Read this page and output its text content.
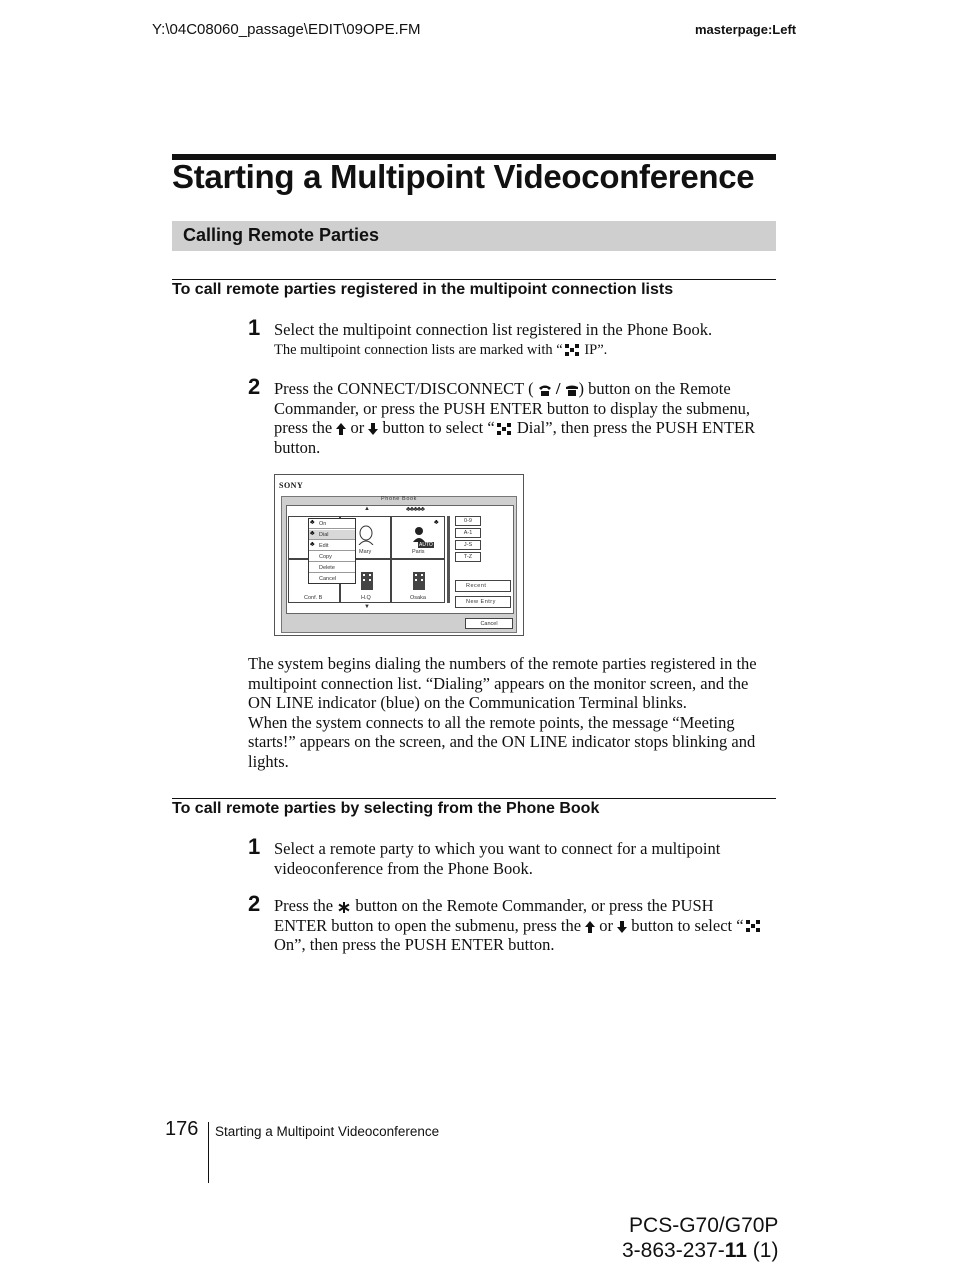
Y:\04C08060_passage\EDIT\09OPE.FM	masterpage:Left
Starting a Multipoint Videoconference
Calling Remote Parties
To call remote parties registered in the multipoint connection lists
1 Select the multipoint connection list registered in the Phone Book.
The multipoint connection lists are marked with “ IP”.
2 Press the CONNECT/DISCONNECT ( / ) button on the Remote
Commander, or press the PUSH ENTER button to display the submenu,
press the or button to select “ Dial”, then press the PUSH ENTER
button.
SONY
Phone Book
▲
▼
♣♣♣♣♣
Mary	Paris
AUTO
♣
Conf. B	H.Q	Osaka
On
Dial
Edit
Copy
Delete
Cancel
♣
♣
♣
0-9
A-1
J-S
T-Z
Recent
New Entry
Cancel
The system begins dialing the numbers of the remote parties registered in the multipoint connection list. “Dialing” appears on the monitor screen, and the ON LINE indicator (blue) on the Communication Terminal blinks.
When the system connects to all the remote points, the message “Meeting starts!” appears on the screen, and the ON LINE indicator stops blinking and lights.
To call remote parties by selecting from the Phone Book
1 Select a remote party to which you want to connect for a multipoint
videoconference from the Phone Book.
2 Press the button on the Remote Commander, or press the PUSH
ENTER button to open the submenu, press the or button to select “
On”, then press the PUSH ENTER button.
176 Starting a Multipoint Videoconference
PCS-G70/G70P
3-863-237-11 (1)
